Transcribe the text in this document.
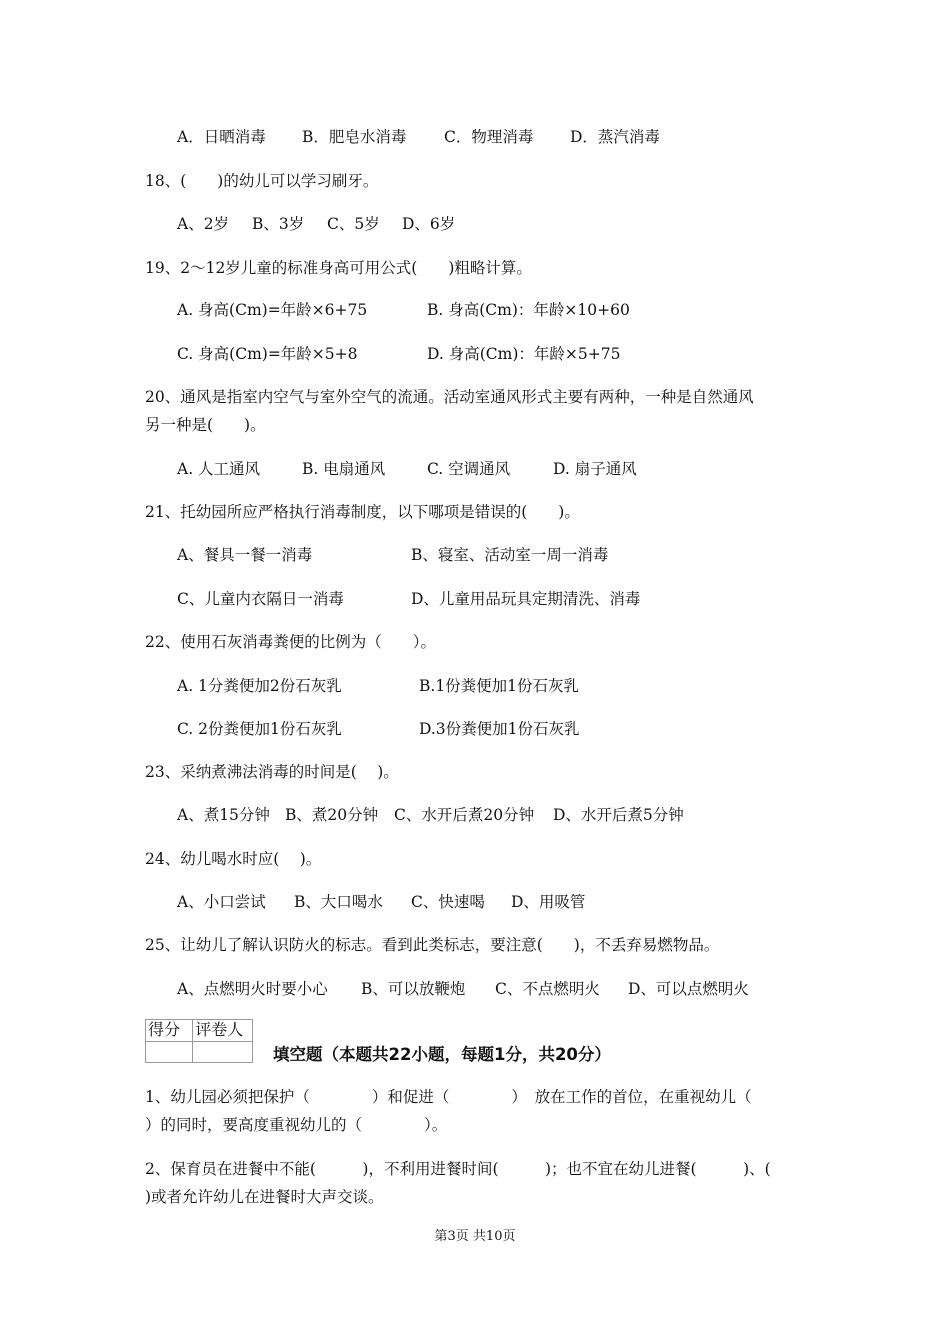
A．日晒消毒 B．肥皂水消毒 C．物理消毒 D．蒸汽消毒
18、(　　)的幼儿可以学习刷牙。
A、2岁 B、3岁 C、5岁 D、6岁
19、2～12岁儿童的标准身高可用公式(　　)粗略计算。
A. 身高(Cm)=年龄×6+75	B. 身高(Cm)：年龄×10+60
C. 身高(Cm)=年龄×5+8	D. 身高(Cm)：年龄×5+75
20、通风是指室内空气与室外空气的流通。活动室通风形式主要有两种，一种是自然通风
另一种是(　　)。
A. 人工通风	B. 电扇通风	C. 空调通风	D. 扇子通风
21、托幼园所应严格执行消毒制度，以下哪项是错误的(　　)。
A、餐具一餐一消毒	B、寝室、活动室一周一消毒
C、儿童内衣隔日一消毒	D、儿童用品玩具定期清洗、消毒
22、使用石灰消毒粪便的比例为（　　）。
A. 1分粪便加2份石灰乳	B.1份粪便加1份石灰乳
C. 2份粪便加1份石灰乳	D.3份粪便加1份石灰乳
23、采纳煮沸法消毒的时间是(　 )。
A、煮15分钟 B、煮20分钟 C、水开后煮20分钟 D、水开后煮5分钟
24、幼儿喝水时应(　 )。
A、小口尝试 B、大口喝水 C、快速喝 D、用吸管
25、让幼儿了解认识防火的标志。看到此类标志，要注意(　　)，不丢弃易燃物品。
A、点燃明火时要小心 B、可以放鞭炮 C、不点燃明火 D、可以点燃明火
得分	评卷人

填空题（本题共22小题，每题1分，共20分）
1、幼儿园必须把保护（　　　　）和促进（　　　　）　放在工作的首位，在重视幼儿（
）的同时，要高度重视幼儿的（　　　　）。
2、保育员在进餐中不能(　　　)，不利用进餐时间(　　　)；也不宜在幼儿进餐(　　　)、(
)或者允许幼儿在进餐时大声交谈。
第3页 共10页
